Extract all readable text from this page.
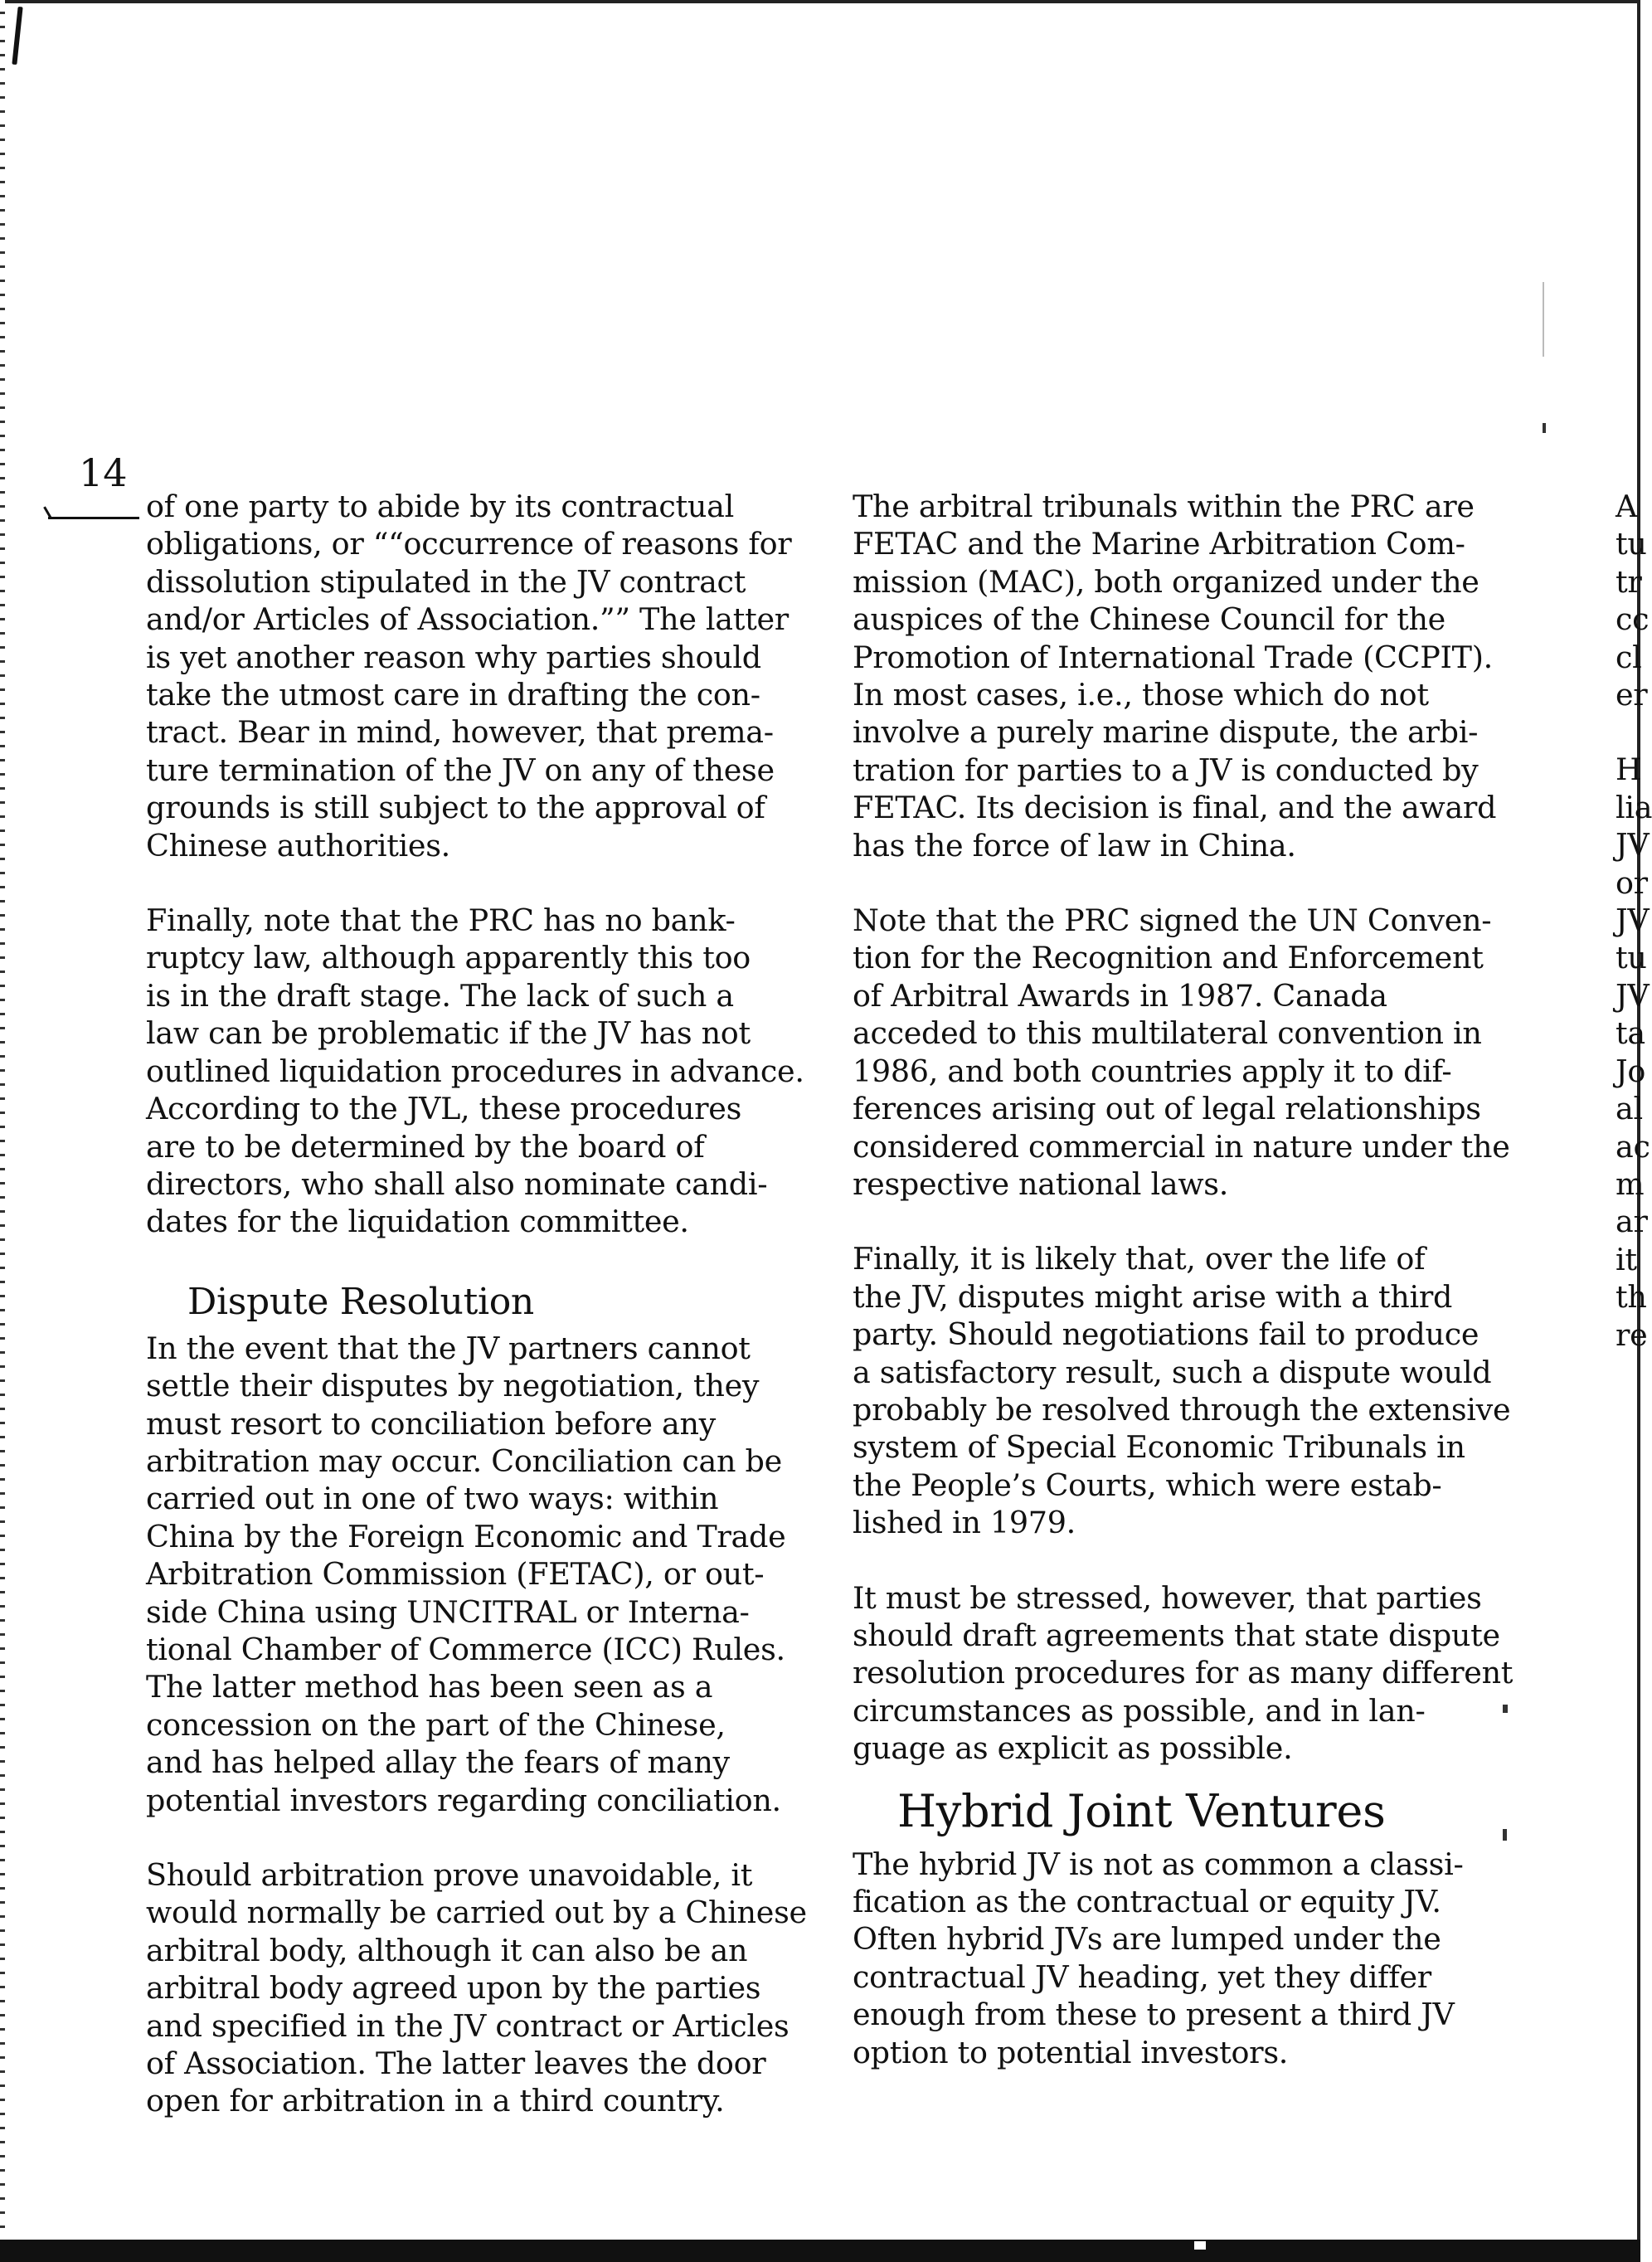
14

of one party to abide by its contractual
obligations, or ““occurrence of reasons for
dissolution stipulated in the JV contract
and/or Articles of Association.”” The latter
is yet another reason why parties should
take the utmost care in drafting the con-
tract. Bear in mind, however, that prema-
ture termination of the JV on any of these
grounds is still subject to the approval of
Chinese authorities.

Finally, note that the PRC has no bank-
ruptcy law, although apparently this too
is in the draft stage. The lack of such a
law can be problematic if the JV has not
outlined liquidation procedures in advance.
According to the JVL, these procedures
are to be determined by the board of
directors, who shall also nominate candi-
dates for the liquidation committee.

Dispute Resolution

In the event that the JV partners cannot
settle their disputes by negotiation, they
must resort to conciliation before any
arbitration may occur. Conciliation can be
carried out in one of two ways: within
China by the Foreign Economic and Trade
Arbitration Commission (FETAC), or out-
side China using UNCITRAL or Interna-
tional Chamber of Commerce (ICC) Rules.
The latter method has been seen as a
concession on the part of the Chinese,
and has helped allay the fears of many
potential investors regarding conciliation.

Should arbitration prove unavoidable, it
would normally be carried out by a Chinese
arbitral body, although it can also be an
arbitral body agreed upon by the parties
and specified in the JV contract or Articles
of Association. The latter leaves the door
open for arbitration in a third country.

The arbitral tribunals within the PRC are
FETAC and the Marine Arbitration Com-
mission (MAC), both organized under the
auspices of the Chinese Council for the
Promotion of International Trade (CCPIT).
In most cases, i.e., those which do not
involve a purely marine dispute, the arbi-
tration for parties to a JV is conducted by
FETAC. Its decision is final, and the award
has the force of law in China.

Note that the PRC signed the UN Conven-
tion for the Recognition and Enforcement
of Arbitral Awards in 1987. Canada
acceded to this multilateral convention in
1986, and both countries apply it to dif-
ferences arising out of legal relationships
considered commercial in nature under the
respective national laws.

Finally, it is likely that, over the life of
the JV, disputes might arise with a third
party. Should negotiations fail to produce
a satisfactory result, such a dispute would
probably be resolved through the extensive
system of Special Economic Tribunals in
the People’s Courts, which were estab-
lished in 1979.

It must be stressed, however, that parties
should draft agreements that state dispute
resolution procedures for as many different
circumstances as possible, and in lan-
guage as explicit as possible.

Hybrid Joint Ventures

The hybrid JV is not as common a classi-
fication as the contractual or equity JV.
Often hybrid JVs are lumped under the
contractual JV heading, yet they differ
enough from these to present a third JV
option to potential investors.

A
tu
tr
cc
cl
er

H
lia
JV
or
JV
tu
JV
ta
Jo
al
ac
m
ar
it
th
re
